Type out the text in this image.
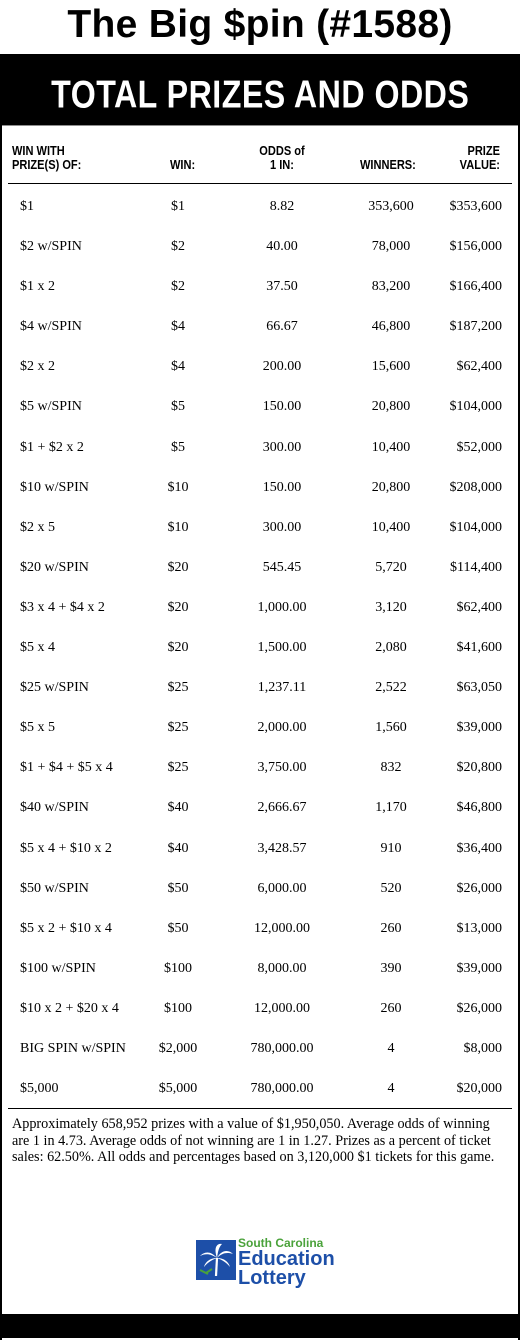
The Big $pin (#1588)
TOTAL PRIZES AND ODDS
WIN WITH
PRIZE(S) OF:	WIN:
ODDS of
1 IN:	WINNERS:
PRIZE
VALUE:
$1	$1	8.82	353,600	$353,600
$2 w/SPIN	$2	40.00	78,000	$156,000
$1 x 2	$2	37.50	83,200	$166,400
$4 w/SPIN	$4	66.67	46,800	$187,200
$2 x 2	$4	200.00	15,600	$62,400
$5 w/SPIN	$5	150.00	20,800	$104,000
$1 + $2 x 2	$5	300.00	10,400	$52,000
$10 w/SPIN	$10	150.00	20,800	$208,000
$2 x 5	$10	300.00	10,400	$104,000
$20 w/SPIN	$20	545.45	5,720	$114,400
$3 x 4 + $4 x 2	$20	1,000.00	3,120	$62,400
$5 x 4	$20	1,500.00	2,080	$41,600
$25 w/SPIN	$25	1,237.11	2,522	$63,050
$5 x 5	$25	2,000.00	1,560	$39,000
$1 + $4 + $5 x 4	$25	3,750.00	832	$20,800
$40 w/SPIN	$40	2,666.67	1,170	$46,800
$5 x 4 + $10 x 2	$40	3,428.57	910	$36,400
$50 w/SPIN	$50	6,000.00	520	$26,000
$5 x 2 + $10 x 4	$50	12,000.00	260	$13,000
$100 w/SPIN	$100	8,000.00	390	$39,000
$10 x 2 + $20 x 4	$100	12,000.00	260	$26,000
BIG SPIN w/SPIN	$2,000	780,000.00	4	$8,000
$5,000	$5,000	780,000.00	4	$20,000
Approximately 658,952 prizes with a value of $1,950,050. Average odds of winning are 1 in 4.73. Average odds of not winning are 1 in 1.27. Prizes as a percent of ticket sales: 62.50%. All odds and percentages based on 3,120,000 $1 tickets for this game.
South Carolina
Education
Lottery
